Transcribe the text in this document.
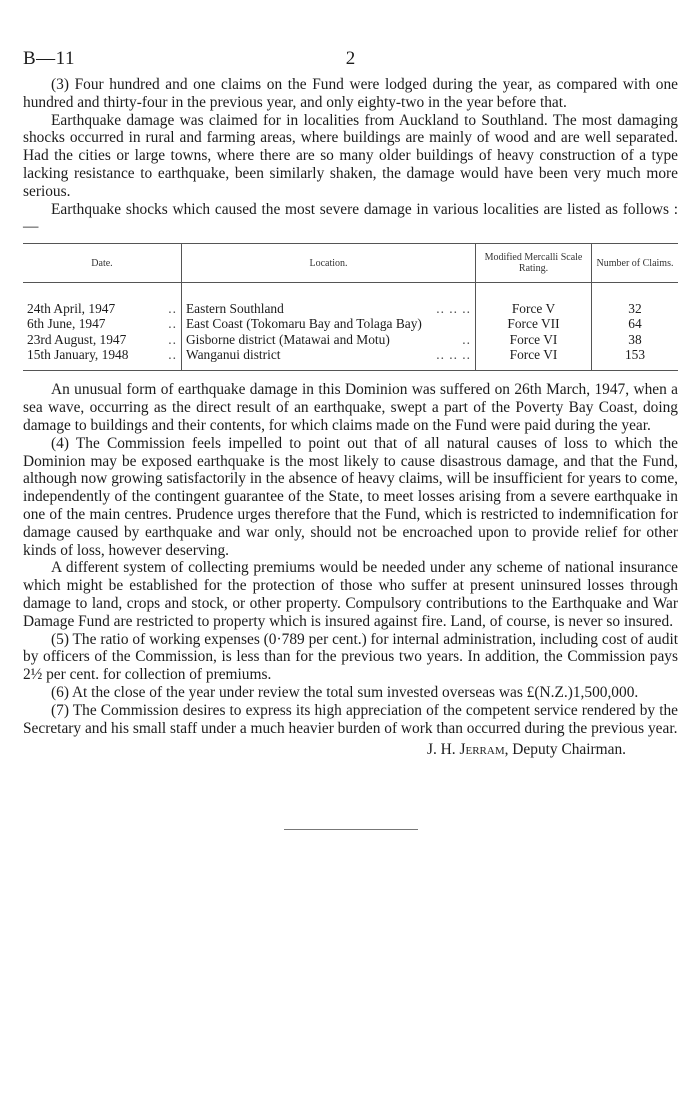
B—11	2

(3) Four hundred and one claims on the Fund were lodged during the year, as compared with one hundred and thirty-four in the previous year, and only eighty-two in the year before that.

Earthquake damage was claimed for in localities from Auckland to Southland. The most damaging shocks occurred in rural and farming areas, where buildings are mainly of wood and are well separated. Had the cities or large towns, where there are so many older buildings of heavy construction of a type lacking resistance to earthquake, been similarly shaken, the damage would have been very much more serious.

Earthquake shocks which caused the most severe damage in various localities are listed as follows :—

Date.	Location.	Modified Mercalli Scale Rating.	Number of Claims.
24th April, 1947 ..	Eastern Southland .. .. ..	Force V	32
6th June, 1947 ..	East Coast (Tokomaru Bay and Tolaga Bay)	Force VII	64
23rd August, 1947 ..	Gisborne district (Matawai and Motu) ..	Force VI	38
15th January, 1948 ..	Wanganui district .. .. ..	Force VI	153

An unusual form of earthquake damage in this Dominion was suffered on 26th March, 1947, when a sea wave, occurring as the direct result of an earthquake, swept a part of the Poverty Bay Coast, doing damage to buildings and their contents, for which claims made on the Fund were paid during the year.

(4) The Commission feels impelled to point out that of all natural causes of loss to which the Dominion may be exposed earthquake is the most likely to cause disastrous damage, and that the Fund, although now growing satisfactorily in the absence of heavy claims, will be insufficient for years to come, independently of the contingent guarantee of the State, to meet losses arising from a severe earthquake in one of the main centres. Prudence urges therefore that the Fund, which is restricted to indemnification for damage caused by earthquake and war only, should not be encroached upon to provide relief for other kinds of loss, however deserving.

A different system of collecting premiums would be needed under any scheme of national insurance which might be established for the protection of those who suffer at present uninsured losses through damage to land, crops and stock, or other property. Compulsory contributions to the Earthquake and War Damage Fund are restricted to property which is insured against fire. Land, of course, is never so insured.

(5) The ratio of working expenses (0·789 per cent.) for internal administration, including cost of audit by officers of the Commission, is less than for the previous two years. In addition, the Commission pays 2½ per cent. for collection of premiums.

(6) At the close of the year under review the total sum invested overseas was £(N.Z.)1,500,000.

(7) The Commission desires to express its high appreciation of the competent service rendered by the Secretary and his small staff under a much heavier burden of work than occurred during the previous year.

J. H. Jerram, Deputy Chairman.
